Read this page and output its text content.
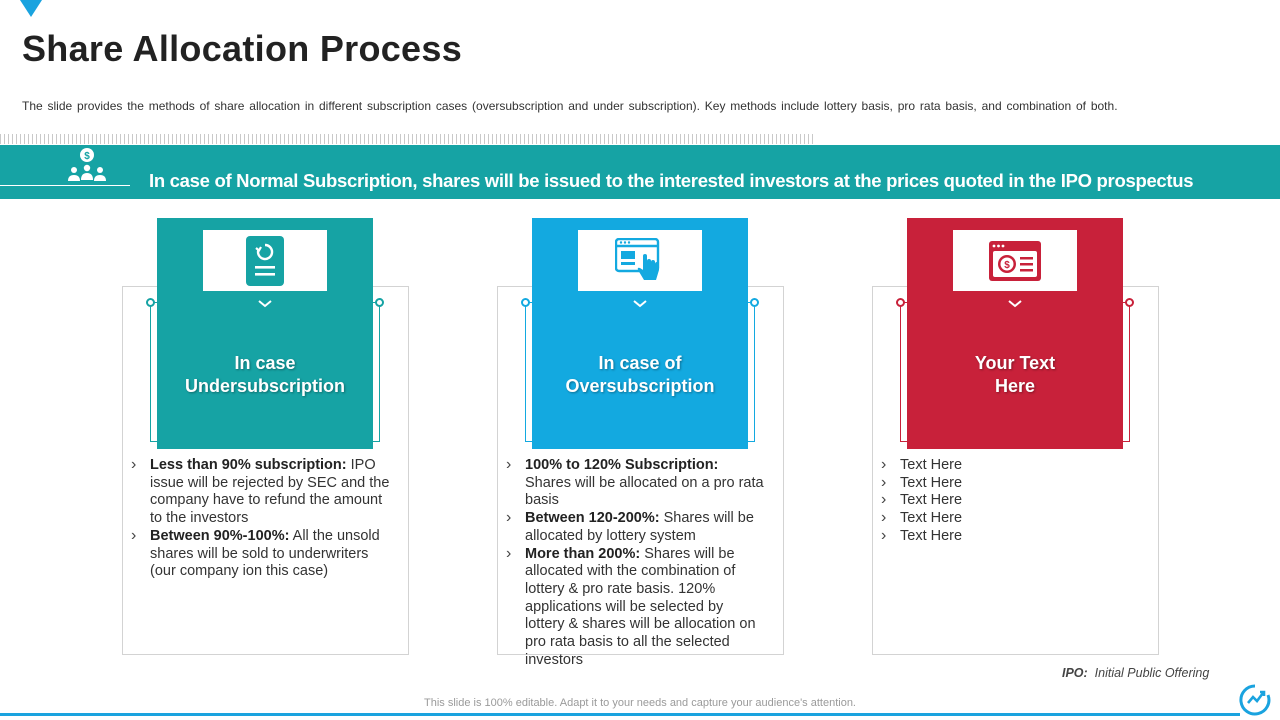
Share Allocation Process

The slide provides the methods of share allocation in different subscription cases (oversubscription and under subscription). Key methods include lottery basis, pro rata basis, and combination of both.

$
In case of Normal Subscription, shares will be issued to the interested investors at the prices quoted in the IPO prospectus
In case
Undersubscription
› Less than 90% subscription: IPO issue will be rejected by SEC and the company have to refund the amount to the investors
› Between 90%-100%: All the unsold shares will be sold to underwriters (our company ion this case)
In case of
Oversubscription
› 100% to 120% Subscription: Shares will be allocated on a pro rata basis
› Between 120-200%: Shares will be allocated by lottery system
› More than 200%: Shares will be allocated with the combination of lottery & pro rate basis. 120% applications will be selected by lottery & shares will be allocation on pro rata basis to all the selected investors
$
Your Text
Here
› Text Here
› Text Here
› Text Here
› Text Here
› Text Here
IPO: Initial Public Offering
This slide is 100% editable. Adapt it to your needs and capture your audience's attention.
